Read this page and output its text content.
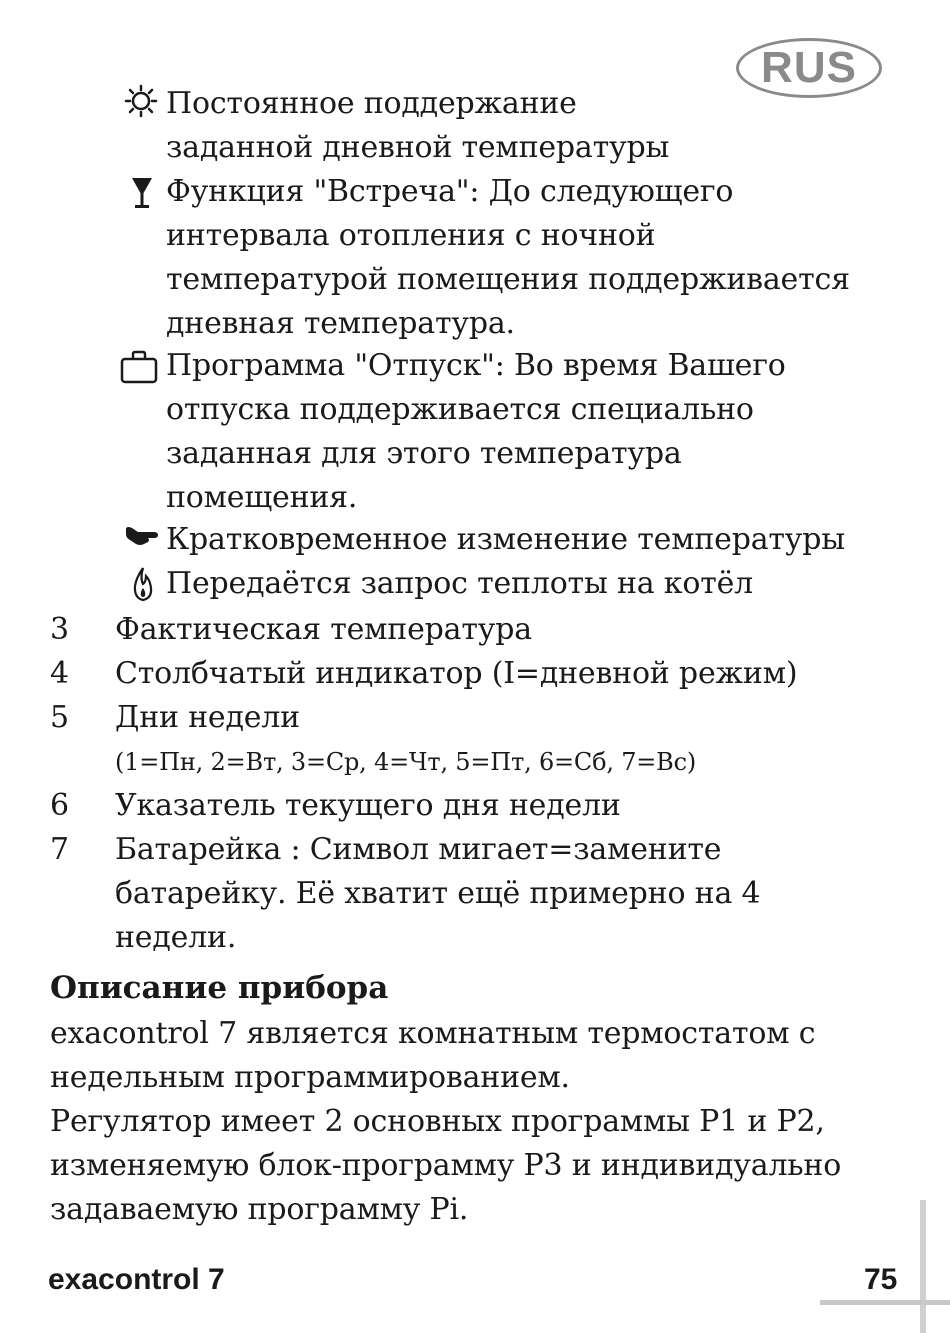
RUS
Постоянное поддержание
заданной дневной температуры
Функция "Встреча": До следующего
интервала отопления с ночной
температурой помещения поддерживается
дневная температура.
Программа "Отпуск": Во время Вашего
отпуска поддерживается специально
заданная для этого температура
помещения.
Кратковременное изменение температуры
Передаётся запрос теплоты на котёл
3 Фактическая температура
4 Столбчатый индикатор (I=дневной режим)
5 Дни недели
(1=Пн, 2=Вт, 3=Ср, 4=Чт, 5=Пт, 6=Сб, 7=Вс)
6 Указатель текущего дня недели
7 Батарейка : Символ мигает=замените
батарейку. Её хватит ещё примерно на 4
недели.
Описание прибора
exacontrol 7 является комнатным термостатом с
недельным программированием.
Регулятор имеет 2 основных программы P1 и P2,
изменяемую блок-программу P3 и индивидуально
задаваемую программу Pi.
exacontrol 7	75
